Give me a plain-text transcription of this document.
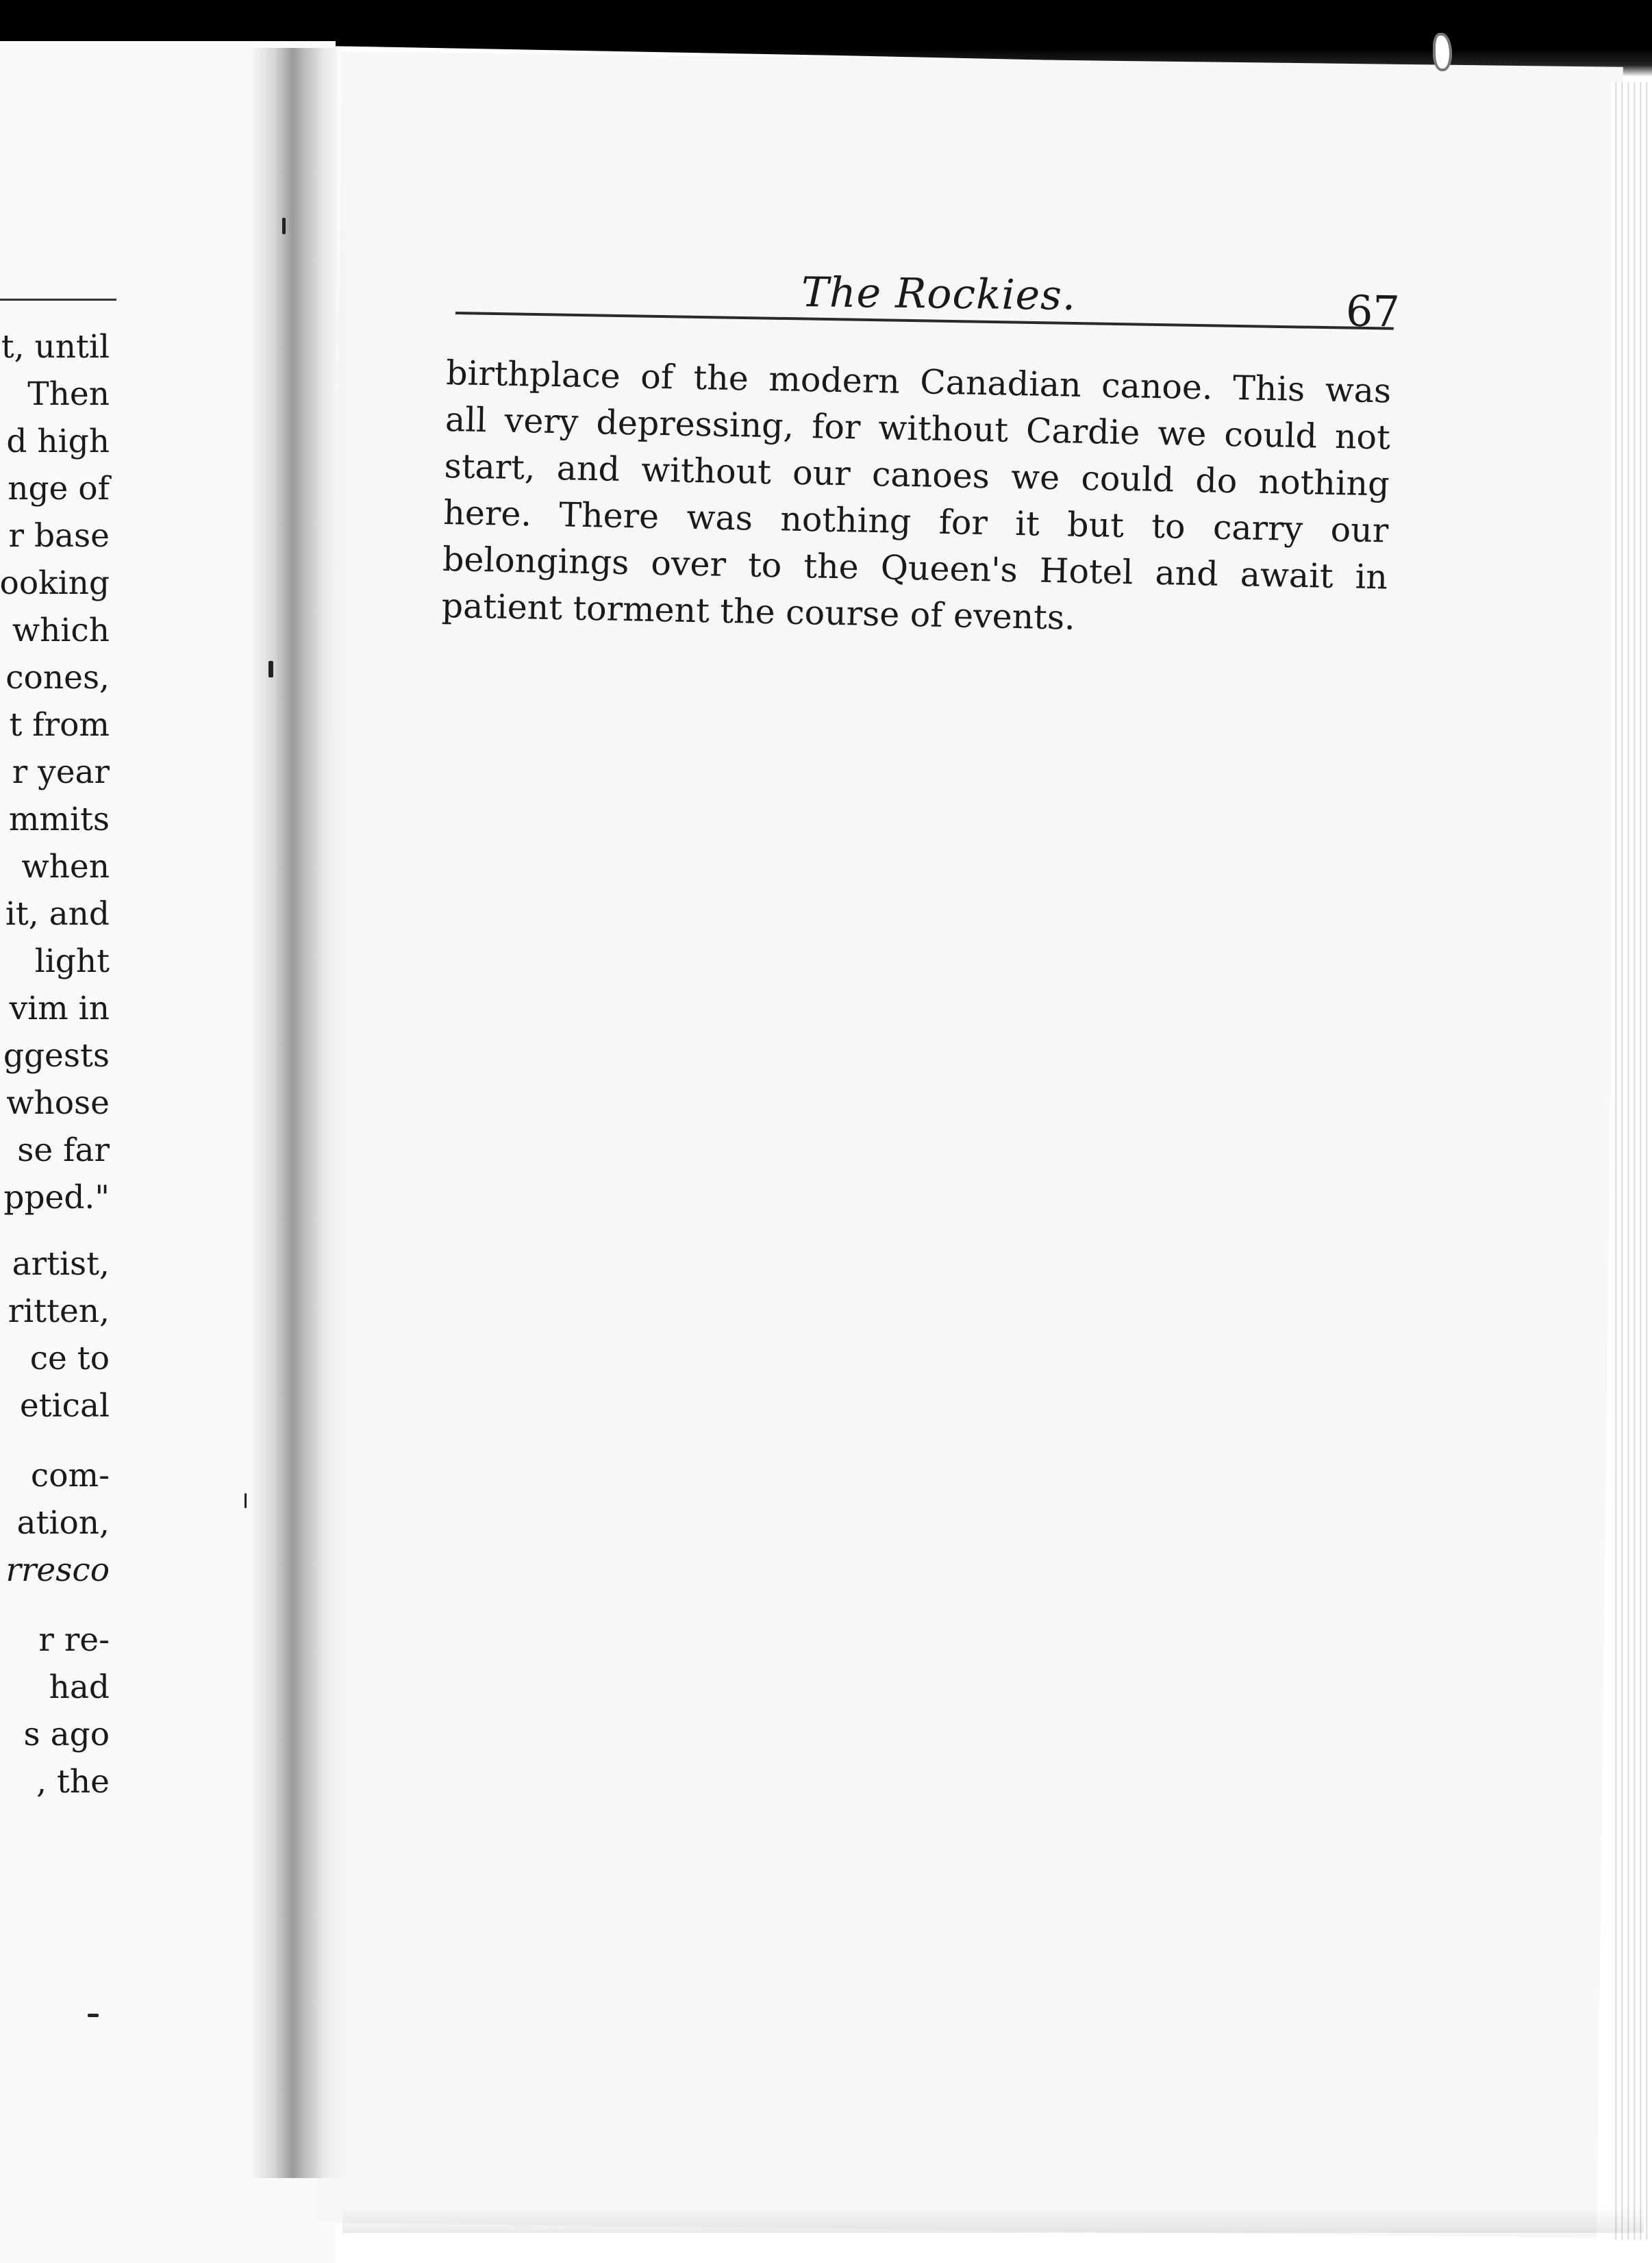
t, until
Then
d high
nge of
r base
ooking
which
cones,
t from
r year
mmits
when
it, and
light
vim in
ggests
whose
se far
pped."
artist,
ritten,
ce to
etical
com-
ation,
rresco
r re-
had
s ago
, the
The Rockies.	67
birthplace of the modern Canadian canoe. This was
all very depressing, for without Cardie we could not
start, and without our canoes we could do nothing
here. There was nothing for it but to carry our
belongings over to the Queen's Hotel and await in
patient torment the course of events.
